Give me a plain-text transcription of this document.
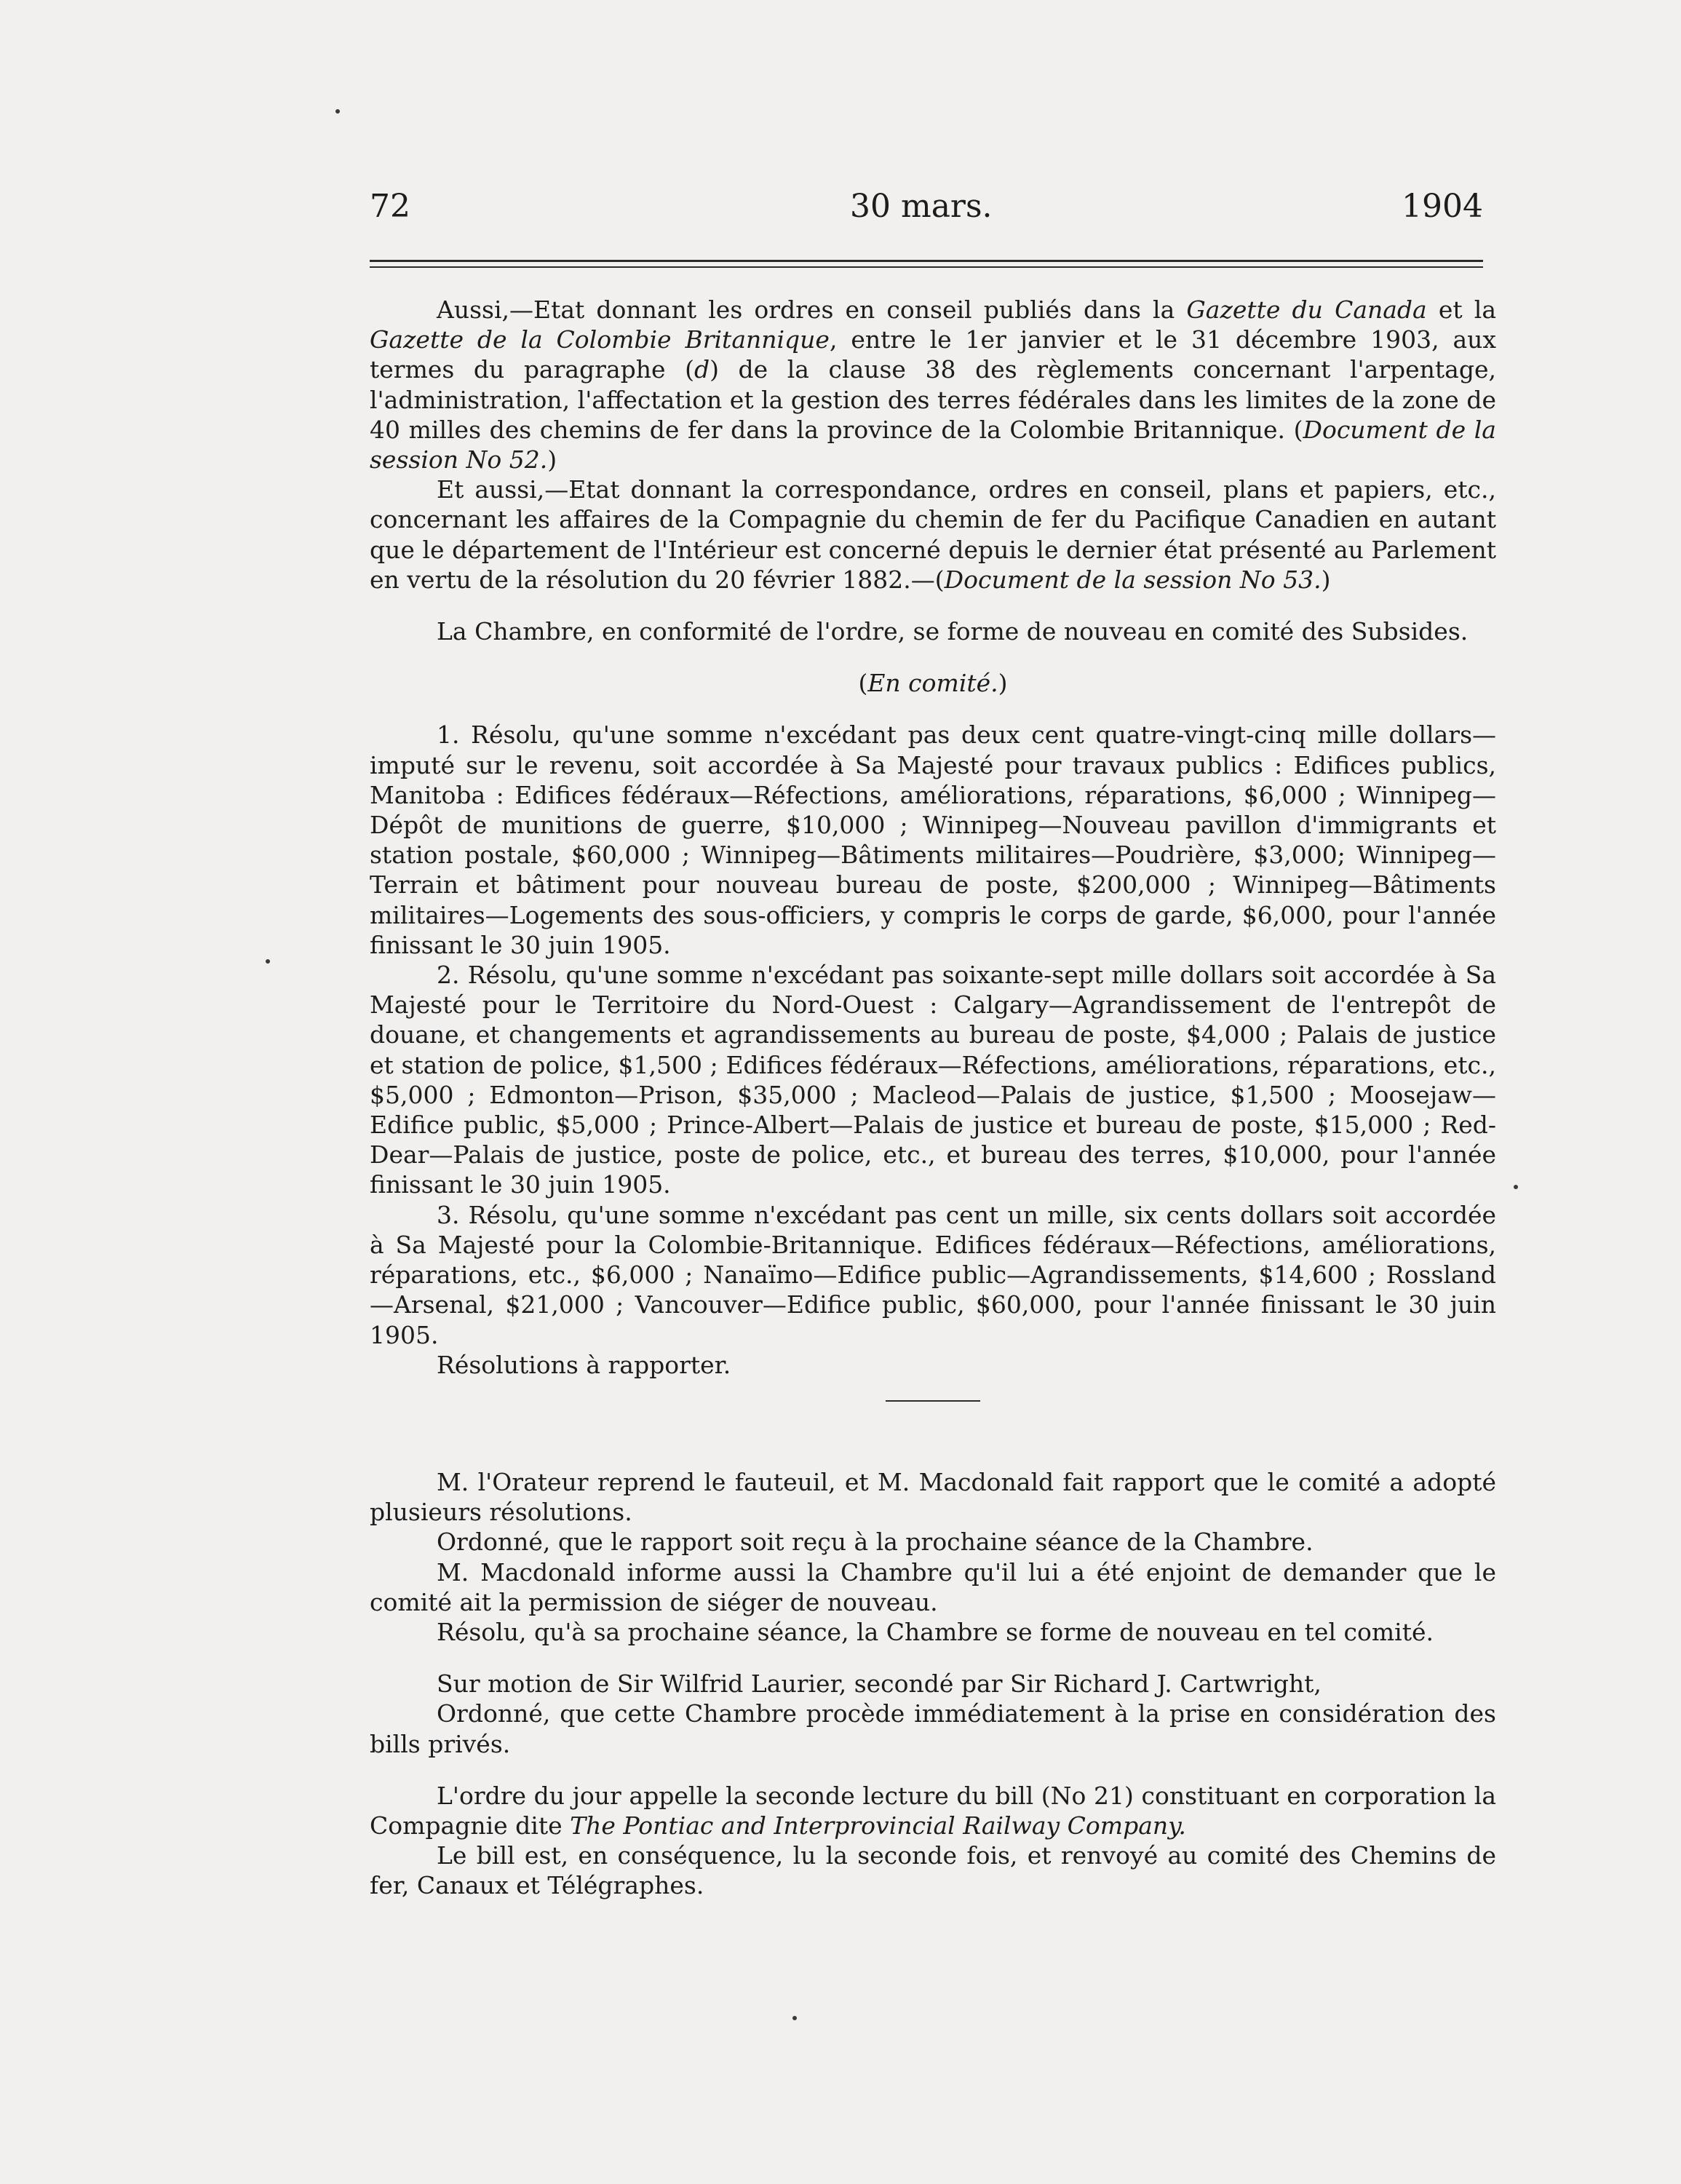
72	30 mars.	1904

Aussi,—Etat donnant les ordres en conseil publiés dans la Gazette du Canada et la Gazette de la Colombie Britannique, entre le 1er janvier et le 31 décembre 1903, aux termes du paragraphe (d) de la clause 38 des règlements concernant l'arpentage, l'administration, l'affectation et la gestion des terres fédérales dans les limites de la zone de 40 milles des chemins de fer dans la province de la Colombie Britannique. (Document de la session No 52.)

Et aussi,—Etat donnant la correspondance, ordres en conseil, plans et papiers, etc., concernant les affaires de la Compagnie du chemin de fer du Pacifique Canadien en autant que le département de l'Intérieur est concerné depuis le dernier état présenté au Parlement en vertu de la résolution du 20 février 1882.—(Document de la session No 53.)

La Chambre, en conformité de l'ordre, se forme de nouveau en comité des Subsides.

(En comité.)

1. Résolu, qu'une somme n'excédant pas deux cent quatre-vingt-cinq mille dollars—imputé sur le revenu, soit accordée à Sa Majesté pour travaux publics : Edifices publics, Manitoba : Edifices fédéraux—Réfections, améliorations, réparations, $6,000 ; Winnipeg—Dépôt de munitions de guerre, $10,000 ; Winnipeg—Nouveau pavillon d'immigrants et station postale, $60,000 ; Winnipeg—Bâtiments militaires—Poudrière, $3,000; Winnipeg—Terrain et bâtiment pour nouveau bureau de poste, $200,000 ; Winnipeg—Bâtiments militaires—Logements des sous-officiers, y compris le corps de garde, $6,000, pour l'année finissant le 30 juin 1905.

2. Résolu, qu'une somme n'excédant pas soixante-sept mille dollars soit accordée à Sa Majesté pour le Territoire du Nord-Ouest : Calgary—Agrandissement de l'entrepôt de douane, et changements et agrandissements au bureau de poste, $4,000 ; Palais de justice et station de police, $1,500 ; Edifices fédéraux—Réfections, améliorations, réparations, etc., $5,000 ; Edmonton—Prison, $35,000 ; Macleod—Palais de justice, $1,500 ; Moosejaw—Edifice public, $5,000 ; Prince-Albert—Palais de justice et bureau de poste, $15,000 ; Red-Dear—Palais de justice, poste de police, etc., et bureau des terres, $10,000, pour l'année finissant le 30 juin 1905.

3. Résolu, qu'une somme n'excédant pas cent un mille, six cents dollars soit accordée à Sa Majesté pour la Colombie-Britannique. Edifices fédéraux—Réfections, améliorations, réparations, etc., $6,000 ; Nanaïmo—Edifice public—Agrandissements, $14,600 ; Rossland—Arsenal, $21,000 ; Vancouver—Edifice public, $60,000, pour l'année finissant le 30 juin 1905.

Résolutions à rapporter.

M. l'Orateur reprend le fauteuil, et M. Macdonald fait rapport que le comité a adopté plusieurs résolutions.

Ordonné, que le rapport soit reçu à la prochaine séance de la Chambre.

M. Macdonald informe aussi la Chambre qu'il lui a été enjoint de demander que le comité ait la permission de siéger de nouveau.

Résolu, qu'à sa prochaine séance, la Chambre se forme de nouveau en tel comité.

Sur motion de Sir Wilfrid Laurier, secondé par Sir Richard J. Cartwright,

Ordonné, que cette Chambre procède immédiatement à la prise en considération des bills privés.

L'ordre du jour appelle la seconde lecture du bill (No 21) constituant en corporation la Compagnie dite The Pontiac and Interprovincial Railway Company.

Le bill est, en conséquence, lu la seconde fois, et renvoyé au comité des Chemins de fer, Canaux et Télégraphes.
